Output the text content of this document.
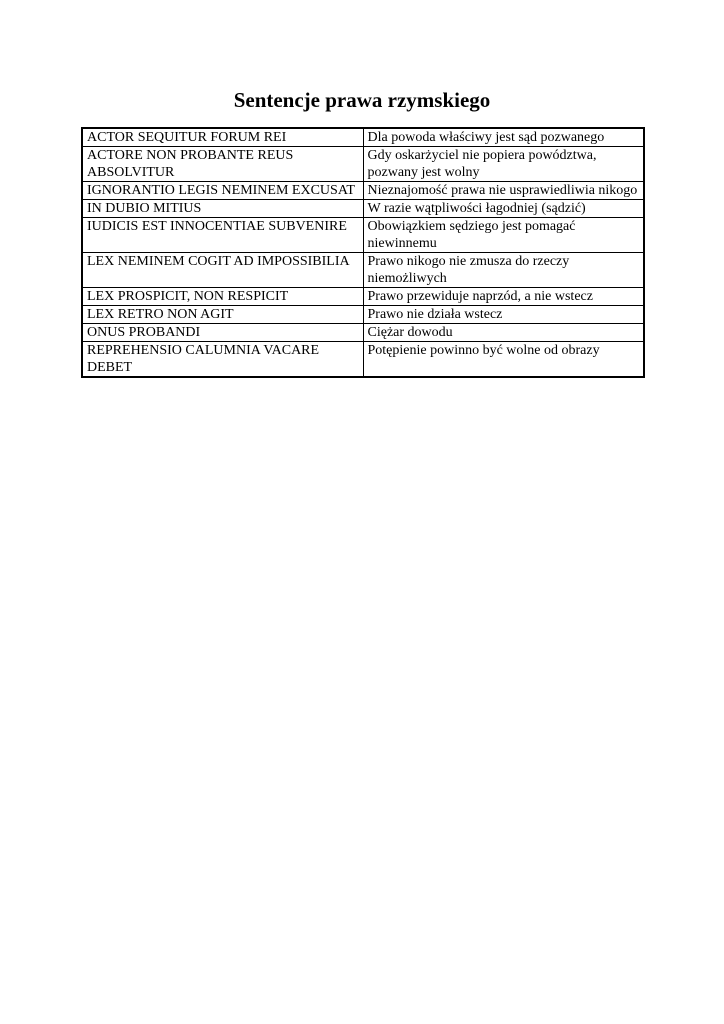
Sentencje prawa rzymskiego
ACTOR SEQUITUR FORUM REI	Dla powoda właściwy jest sąd pozwanego
ACTORE NON PROBANTE REUS ABSOLVITUR	Gdy oskarżyciel nie popiera powództwa, pozwany jest wolny
IGNORANTIO LEGIS NEMINEM EXCUSAT	Nieznajomość prawa nie usprawiedliwia nikogo
IN DUBIO MITIUS	W razie wątpliwości łagodniej (sądzić)
IUDICIS EST INNOCENTIAE SUBVENIRE	Obowiązkiem sędziego jest pomagać niewinnemu
LEX NEMINEM COGIT AD IMPOSSIBILIA	Prawo nikogo nie zmusza do rzeczy niemożliwych
LEX PROSPICIT, NON RESPICIT	Prawo przewiduje naprzód, a nie wstecz
LEX RETRO NON AGIT	Prawo nie działa wstecz
ONUS PROBANDI	Ciężar dowodu
REPREHENSIO CALUMNIA VACARE DEBET	Potępienie powinno być wolne od obrazy
